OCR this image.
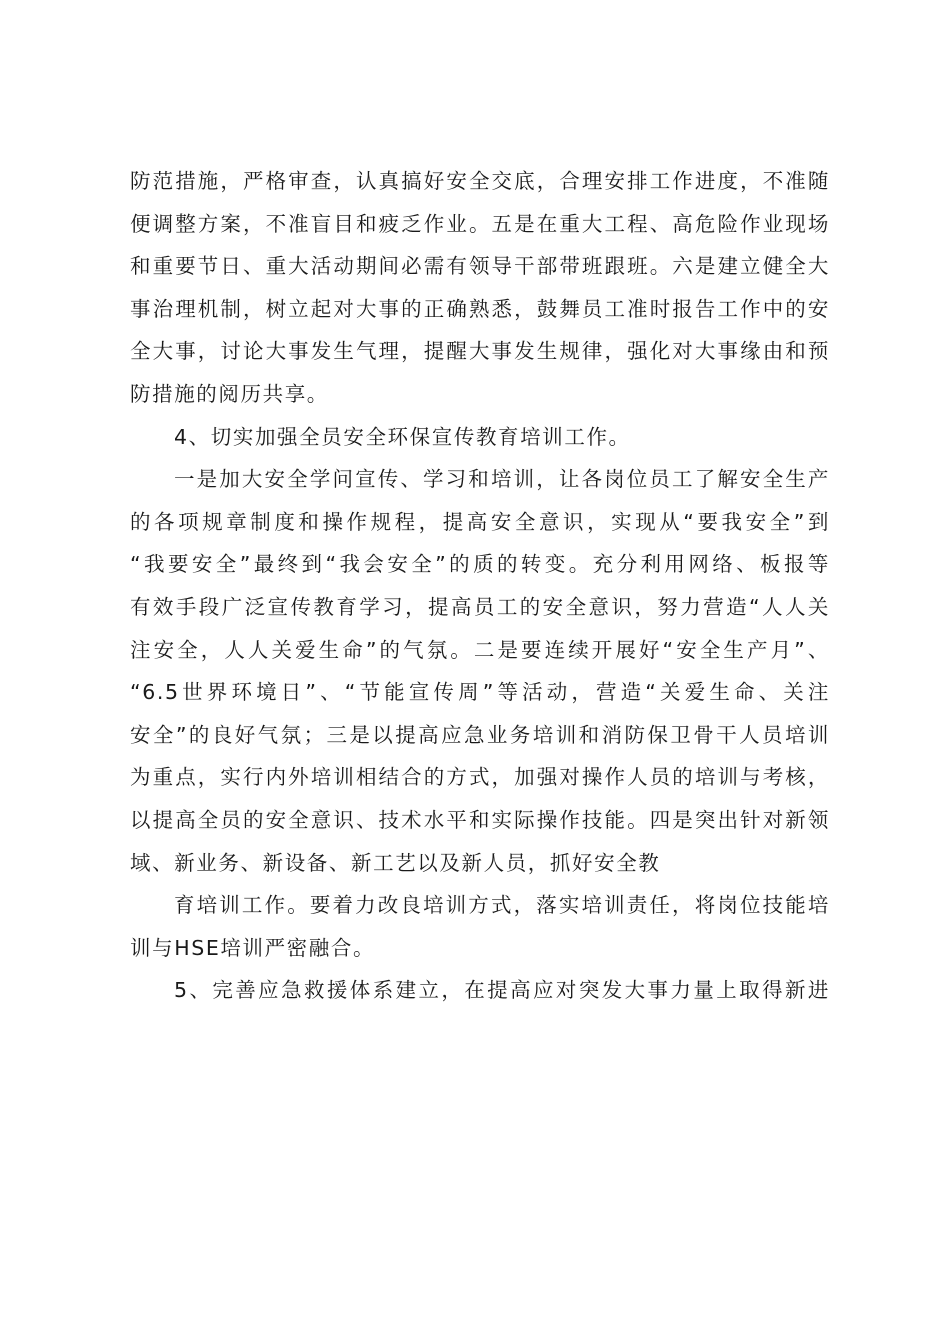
防范措施，严格审查，认真搞好安全交底，合理安排工作进度，不准随
便调整方案，不准盲目和疲乏作业。五是在重大工程、高危险作业现场
和重要节日、重大活动期间必需有领导干部带班跟班。六是建立健全大
事治理机制，树立起对大事的正确熟悉，鼓舞员工准时报告工作中的安
全大事，讨论大事发生气理，提醒大事发生规律，强化对大事缘由和预
防措施的阅历共享。
4、切实加强全员安全环保宣传教育培训工作。
一是加大安全学问宣传、学习和培训，让各岗位员工了解安全生产
的各项规章制度和操作规程，提高安全意识，实现从“要我安全”到
“我要安全”最终到“我会安全”的质的转变。充分利用网络、板报等
有效手段广泛宣传教育学习，提高员工的安全意识，努力营造“人人关
注安全，人人关爱生命”的气氛。二是要连续开展好“安全生产月”、
“6.5世界环境日”、“节能宣传周”等活动，营造“关爱生命、关注
安全”的良好气氛；三是以提高应急业务培训和消防保卫骨干人员培训
为重点，实行内外培训相结合的方式，加强对操作人员的培训与考核，
以提高全员的安全意识、技术水平和实际操作技能。四是突出针对新领
域、新业务、新设备、新工艺以及新人员，抓好安全教
育培训工作。要着力改良培训方式，落实培训责任，将岗位技能培
训与HSE培训严密融合。
5、完善应急救援体系建立，在提高应对突发大事力量上取得新进
